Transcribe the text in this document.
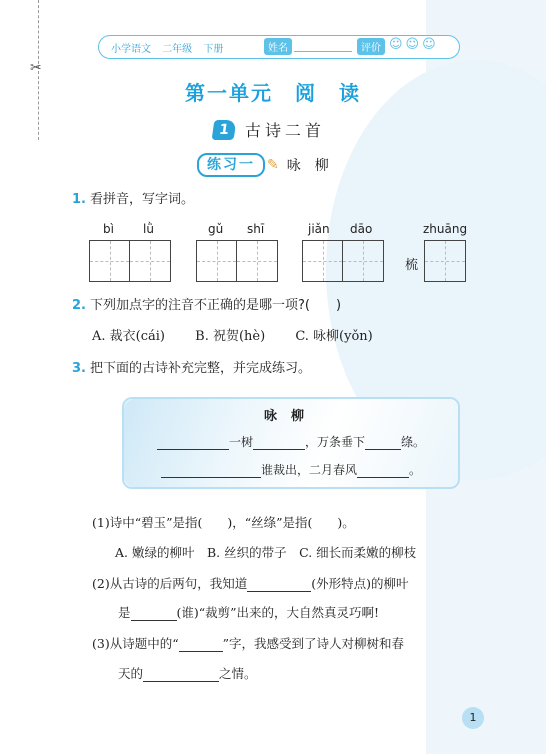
✂
小学语文 二年级 下册	姓名	评价 ☺☺☺
第一单元　阅　读
1 古诗二首
练习一 ✎ 咏柳
1. 看拼音，写字词。
bì lǜ	gǔ shī	jiǎn dāo	zhuāng
梳
2. 下列加点字的注音不正确的是哪一项?(　　)
A. 裁衣(cái) B. 祝贺(hè) C. 咏柳(yǒn)
3. 把下面的古诗补充完整，并完成练习。
咏柳
一树	，万条垂下	绦。
谁裁出，二月春风	。
(1)诗中“碧玉”是指(　　)，“丝绦”是指(　　)。
A. 嫩绿的柳叶　B. 丝织的带子　C. 细长而柔嫩的柳枝
(2)从古诗的后两句，我知道	(外形特点)的柳叶
是	(谁)“裁剪”出来的，大自然真灵巧啊!
(3)从诗题中的“	”字，我感受到了诗人对柳树和春
天的	之情。
1
